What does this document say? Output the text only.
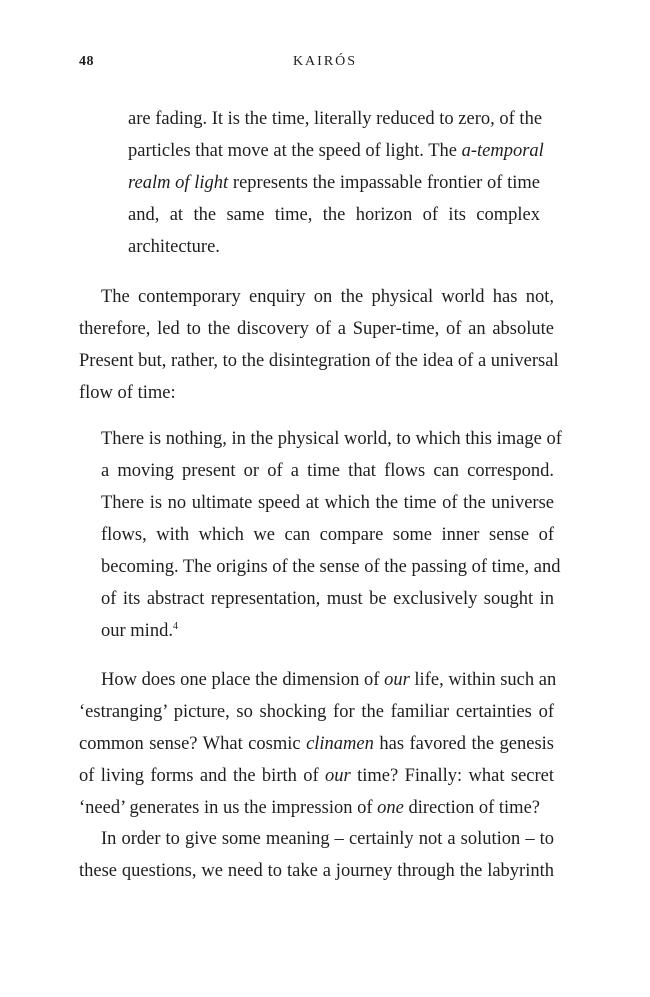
48	KAIRÓS
are fading. It is the time, literally reduced to zero, of the
particles that move at the speed of light. The a-temporal
realm of light represents the impassable frontier of time
and, at the same time, the horizon of its complex
architecture.
The contemporary enquiry on the physical world has not,
therefore, led to the discovery of a Super-time, of an absolute
Present but, rather, to the disintegration of the idea of a universal
flow of time:
There is nothing, in the physical world, to which this image of
a moving present or of a time that flows can correspond.
There is no ultimate speed at which the time of the universe
flows, with which we can compare some inner sense of
becoming. The origins of the sense of the passing of time, and
of its abstract representation, must be exclusively sought in
our mind.$^4$
How does one place the dimension of our life, within such an
‘estranging’ picture, so shocking for the familiar certainties of
common sense? What cosmic clinamen has favored the genesis
of living forms and the birth of our time? Finally: what secret
‘need’ generates in us the impression of one direction of time?
In order to give some meaning – certainly not a solution – to
these questions, we need to take a journey through the labyrinth
